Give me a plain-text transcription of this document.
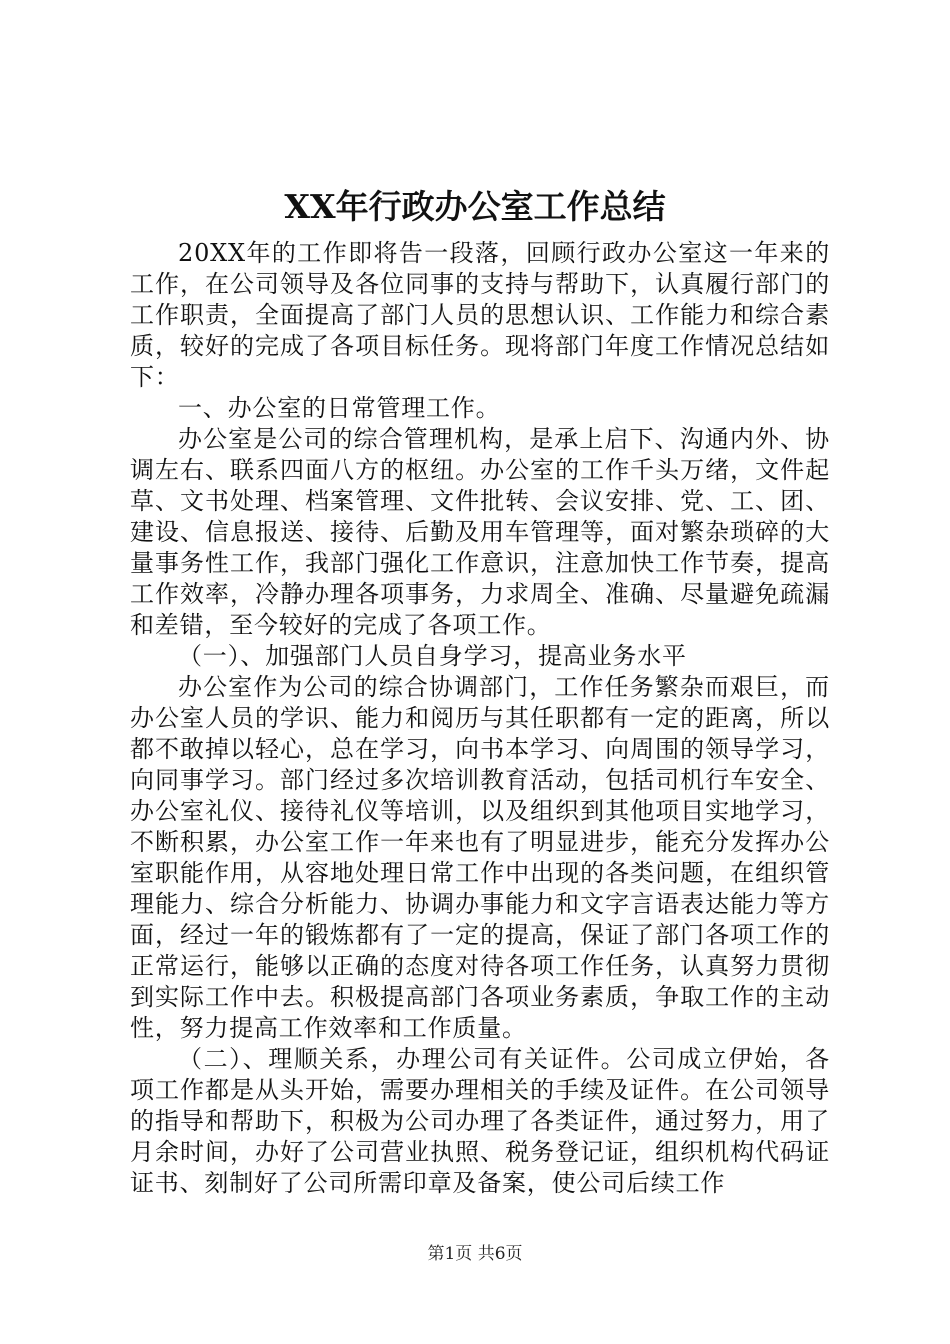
XX年行政办公室工作总结

20XX年的工作即将告一段落，回顾行政办公室这一年来的工作，在公司领导及各位同事的支持与帮助下，认真履行部门的工作职责，全面提高了部门人员的思想认识、工作能力和综合素质，较好的完成了各项目标任务。现将部门年度工作情况总结如下：

一、办公室的日常管理工作。

办公室是公司的综合管理机构，是承上启下、沟通内外、协调左右、联系四面八方的枢纽。办公室的工作千头万绪，文件起草、文书处理、档案管理、文件批转、会议安排、党、工、团、建设、信息报送、接待、后勤及用车管理等，面对繁杂琐碎的大量事务性工作，我部门强化工作意识，注意加快工作节奏，提高工作效率，冷静办理各项事务，力求周全、准确、尽量避免疏漏和差错，至今较好的完成了各项工作。

（一）、加强部门人员自身学习，提高业务水平

办公室作为公司的综合协调部门，工作任务繁杂而艰巨，而办公室人员的学识、能力和阅历与其任职都有一定的距离，所以都不敢掉以轻心，总在学习，向书本学习、向周围的领导学习，向同事学习。部门经过多次培训教育活动，包括司机行车安全、办公室礼仪、接待礼仪等培训，以及组织到其他项目实地学习，不断积累，办公室工作一年来也有了明显进步，能充分发挥办公室职能作用，从容地处理日常工作中出现的各类问题，在组织管理能力、综合分析能力、协调办事能力和文字言语表达能力等方面，经过一年的锻炼都有了一定的提高，保证了部门各项工作的正常运行，能够以正确的态度对待各项工作任务，认真努力贯彻到实际工作中去。积极提高部门各项业务素质，争取工作的主动性，努力提高工作效率和工作质量。

（二）、理顺关系，办理公司有关证件。公司成立伊始，各项工作都是从头开始，需要办理相关的手续及证件。在公司领导的指导和帮助下，积极为公司办理了各类证件，通过努力，用了月余时间，办好了公司营业执照、税务登记证，组织机构代码证证书、刻制好了公司所需印章及备案，使公司后续工作

第1页 共6页
